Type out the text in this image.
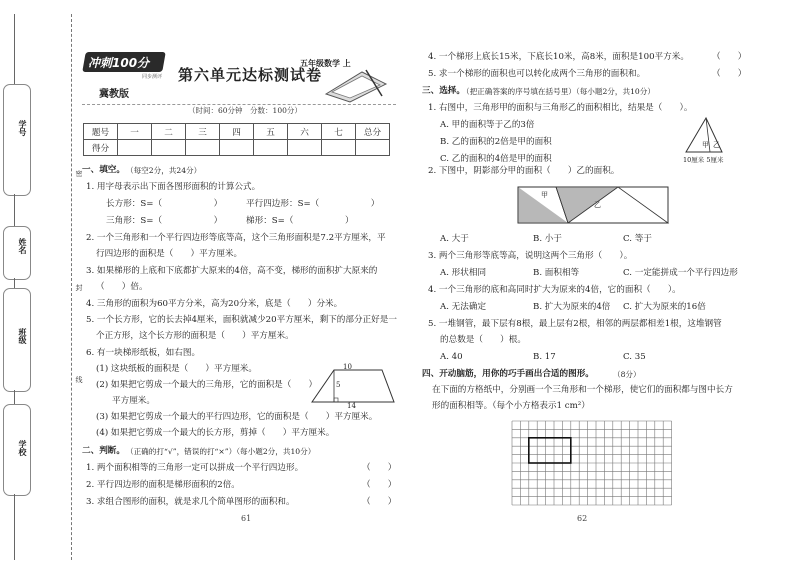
学号
姓名
班级
学校
密
封
线
冲刺100分
同步测评
冀教版
第六单元达标测试卷
五年级数学 上
（时间：60分钟　分数：100分）
题号	一	二	三	四	五	六	七	总分
得分								
一、填空。 （每空2分，共24分）
1. 用字母表示出下面各图形面积的计算公式。
长方形：S=（　　　　　　）	平行四边形：S=（　　　　　　）
三角形：S=（　　　　　　）	梯形：S=（　　　　　　）
2. 一个三角形和一个平行四边形等底等高，这个三角形面积是7.2平方厘米，平
行四边形的面积是（　　）平方厘米。
3. 如果梯形的上底和下底都扩大原来的4倍，高不变，梯形的面积扩大原来的
（　　）倍。
4. 三角形的面积为60平方分米，高为20分米，底是（　　）分米。
5. 一个长方形，它的长去掉4厘米，面积就减少20平方厘米，剩下的部分正好是一
个正方形，这个长方形的面积是（　　）平方厘米。
6. 有一块梯形纸板，如右图。
(1) 这块纸板的面积是（　　）平方厘米。
(2) 如果把它剪成一个最大的三角形，它的面积是（　　）
平方厘米。
(3) 如果把它剪成一个最大的平行四边形，它的面积是（　　）平方厘米。
(4) 如果把它剪成一个最大的长方形，剪掉（　　）平方厘米。
10
5
14
二、判断。 （正确的打“√”，错误的打“×”）（每小题2分，共10分）
1. 两个面积相等的三角形一定可以拼成一个平行四边形。	（　　）
2. 平行四边形的面积是梯形面积的2倍。	（　　）
3. 求组合图形的面积，就是求几个简单图形的面积和。	（　　）
61
4. 一个梯形上底长15米，下底长10米，高8米，面积是100平方米。	（　　）
5. 求一个梯形的面积也可以转化成两个三角形的面积和。	（　　）
三、选择。
（把正确答案的序号填在括号里）（每小题2分，共10分）
1. 右图中，三角形甲的面积与三角形乙的面积相比，结果是（　　）。
A. 甲的面积等于乙的3倍
B. 乙的面积的2倍是甲的面积
C. 乙的面积的4倍是甲的面积
甲 乙
10厘米 5厘米
2. 下图中，阴影部分甲的面积（　　）乙的面积。
甲
乙
A. 大于	B. 小于	C. 等于
3. 两个三角形等底等高，说明这两个三角形（　　）。
A. 形状相同	B. 面积相等	C. 一定能拼成一个平行四边形
4. 一个三角形的底和高同时扩大为原来的4倍，它的面积（　　）。
A. 无法确定	B. 扩大为原来的4倍 C. 扩大为原来的16倍
5. 一堆钢管，最下层有8根，最上层有2根，相邻的两层都相差1根，这堆钢管
的总数是（　　）根。
A. 40	B. 17	C. 35
四、开动脑筋，用你的巧手画出合适的图形。	（8分）
在下面的方格纸中，分别画一个三角形和一个梯形，使它们的面积都与图中长方
形的面积相等。（每个小方格表示1 cm²）
62
